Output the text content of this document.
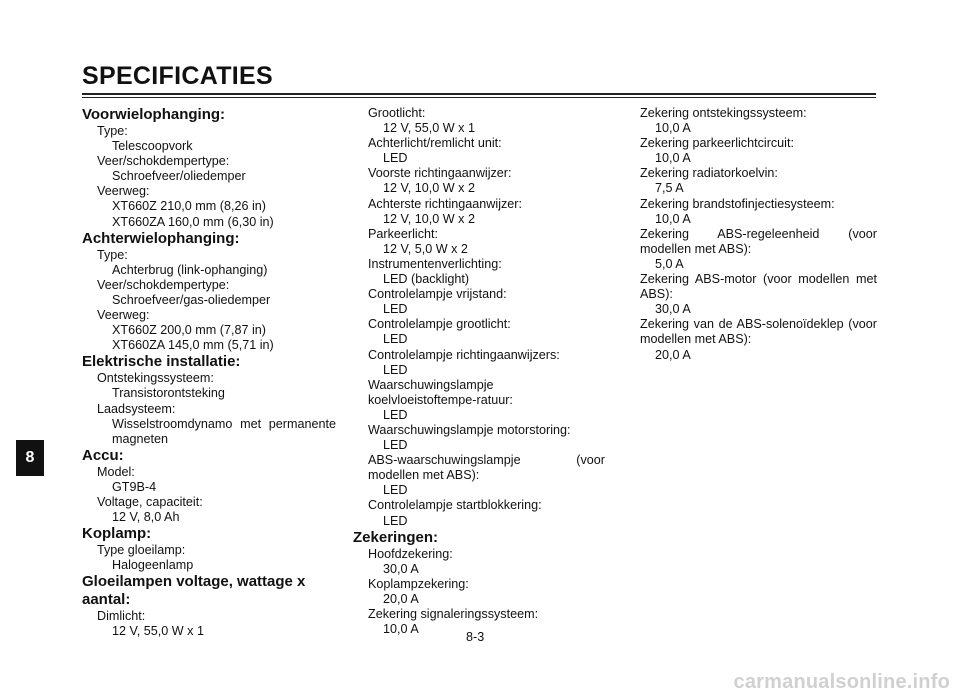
SPECIFICATIES
8
Voorwielophanging:
Type:
Telescoopvork
Veer/schokdempertype:
Schroefveer/oliedemper
Veerweg:
XT660Z 210,0 mm (8,26 in)
XT660ZA 160,0 mm (6,30 in)
Achterwielophanging:
Type:
Achterbrug (link-ophanging)
Veer/schokdempertype:
Schroefveer/gas-oliedemper
Veerweg:
XT660Z 200,0 mm (7,87 in)
XT660ZA 145,0 mm (5,71 in)
Elektrische installatie:
Ontstekingssysteem:
Transistorontsteking
Laadsysteem:
Wisselstroomdynamo met permanente magneten
Accu:
Model:
GT9B-4
Voltage, capaciteit:
12 V, 8,0 Ah
Koplamp:
Type gloeilamp:
Halogeenlamp
Gloeilampen voltage, wattage x aantal:
Dimlicht:
12 V, 55,0 W x 1
Grootlicht:
12 V, 55,0 W x 1
Achterlicht/remlicht unit:
LED
Voorste richtingaanwijzer:
12 V, 10,0 W x 2
Achterste richtingaanwijzer:
12 V, 10,0 W x 2
Parkeerlicht:
12 V, 5,0 W x 2
Instrumentenverlichting:
LED (backlight)
Controlelampje vrijstand:
LED
Controlelampje grootlicht:
LED
Controlelampje richtingaanwijzers:
LED
Waarschuwingslampje koelvloeistoftempe-ratuur:
LED
Waarschuwingslampje motorstoring:
LED
ABS-waarschuwingslampje (voor modellen met ABS):
LED
Controlelampje startblokkering:
LED
Zekeringen:
Hoofdzekering:
30,0 A
Koplampzekering:
20,0 A
Zekering signaleringssysteem:
10,0 A
Zekering ontstekingssysteem:
10,0 A
Zekering parkeerlichtcircuit:
10,0 A
Zekering radiatorkoelvin:
7,5 A
Zekering brandstofinjectiesysteem:
10,0 A
Zekering ABS-regeleenheid (voor modellen met ABS):
5,0 A
Zekering ABS-motor (voor modellen met ABS):
30,0 A
Zekering van de ABS-solenoïdeklep (voor modellen met ABS):
20,0 A
8-3
carmanualsonline.info
